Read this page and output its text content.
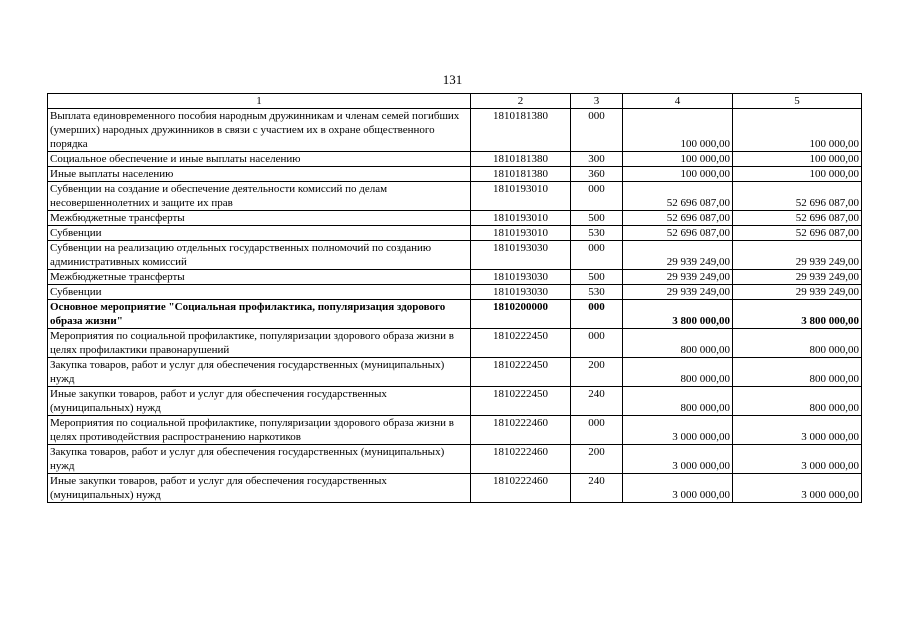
131
1	2	3	4	5
Выплата единовременного пособия народным дружинникам и членам семей погибших (умерших) народных дружинников в связи с участием их в охране общественного порядка	1810181380	000	100 000,00	100 000,00
Социальное обеспечение и иные выплаты населению	1810181380	300	100 000,00	100 000,00
Иные выплаты населению	1810181380	360	100 000,00	100 000,00
Субвенции на создание и обеспечение деятельности комиссий по делам несовершеннолетних и защите их прав	1810193010	000	52 696 087,00	52 696 087,00
Межбюджетные трансферты	1810193010	500	52 696 087,00	52 696 087,00
Субвенции	1810193010	530	52 696 087,00	52 696 087,00
Субвенции на реализацию отдельных государственных полномочий по созданию административных комиссий	1810193030	000	29 939 249,00	29 939 249,00
Межбюджетные трансферты	1810193030	500	29 939 249,00	29 939 249,00
Субвенции	1810193030	530	29 939 249,00	29 939 249,00
Основное мероприятие "Социальная профилактика, популяризация здорового образа жизни"	1810200000	000	3 800 000,00	3 800 000,00
Мероприятия по социальной профилактике, популяризации здорового образа жизни в целях профилактики правонарушений	1810222450	000	800 000,00	800 000,00
Закупка товаров, работ и услуг для обеспечения государственных (муниципальных) нужд	1810222450	200	800 000,00	800 000,00
Иные закупки товаров, работ и услуг для обеспечения государственных (муниципальных) нужд	1810222450	240	800 000,00	800 000,00
Мероприятия по социальной профилактике, популяризации здорового образа жизни в целях противодействия распространению наркотиков	1810222460	000	3 000 000,00	3 000 000,00
Закупка товаров, работ и услуг для обеспечения государственных (муниципальных) нужд	1810222460	200	3 000 000,00	3 000 000,00
Иные закупки товаров, работ и услуг для обеспечения государственных (муниципальных) нужд	1810222460	240	3 000 000,00	3 000 000,00
